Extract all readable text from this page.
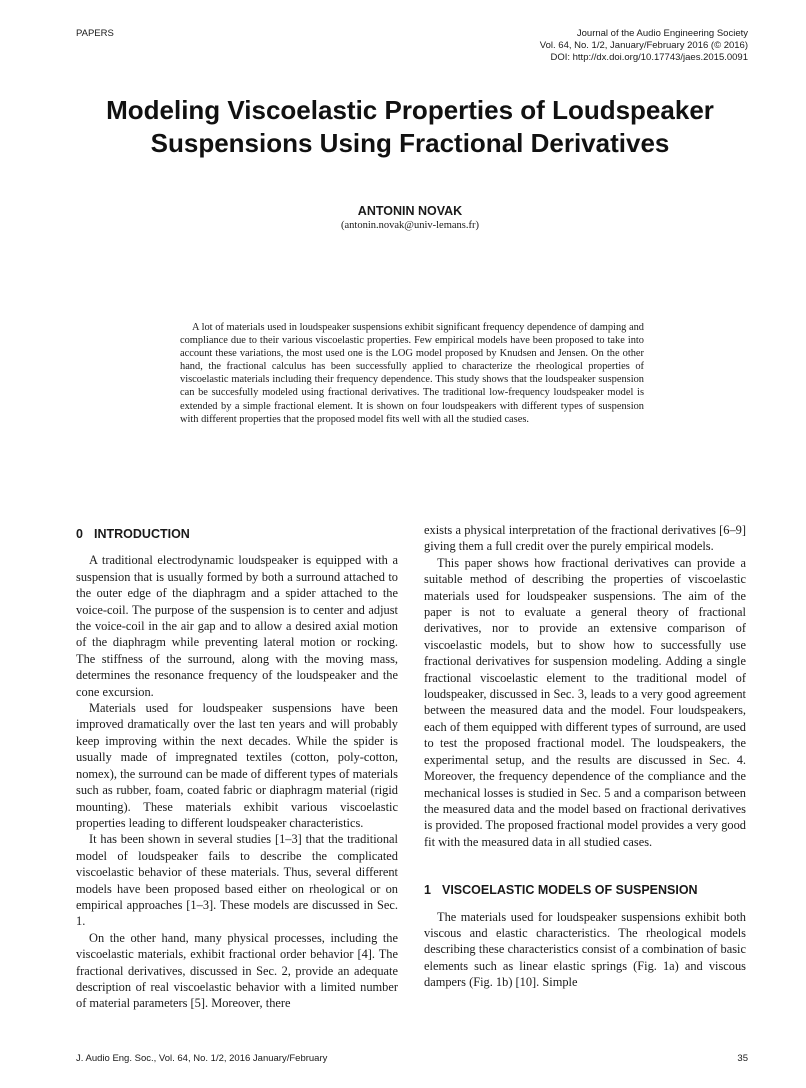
PAPERS	Journal of the Audio Engineering Society
Vol. 64, No. 1/2, January/February 2016 (© 2016)
DOI: http://dx.doi.org/10.17743/jaes.2015.0091
Modeling Viscoelastic Properties of Loudspeaker
Suspensions Using Fractional Derivatives
ANTONIN NOVAK
(antonin.novak@univ-lemans.fr)
A lot of materials used in loudspeaker suspensions exhibit significant frequency dependence of damping and compliance due to their various viscoelastic properties. Few empirical models have been proposed to take into account these variations, the most used one is the LOG model proposed by Knudsen and Jensen. On the other hand, the fractional calculus has been successfully applied to characterize the rheological properties of viscoelastic materials including their frequency dependence. This study shows that the loudspeaker suspension can be succesfully modeled using fractional derivatives. The traditional low-frequency loudspeaker model is extended by a simple fractional element. It is shown on four loudspeakers with different types of suspension with different properties that the proposed model fits well with all the studied cases.
0 INTRODUCTION

A traditional electrodynamic loudspeaker is equipped with a suspension that is usually formed by both a surround attached to the outer edge of the diaphragm and a spider attached to the voice-coil. The purpose of the suspension is to center and adjust the voice-coil in the air gap and to allow a desired axial motion of the diaphragm while preventing lateral motion or rocking. The stiffness of the surround, along with the moving mass, determines the resonance frequency of the loudspeaker and the cone excursion.

Materials used for loudspeaker suspensions have been improved dramatically over the last ten years and will probably keep improving within the next decades. While the spider is usually made of impregnated textiles (cotton, poly-cotton, nomex), the surround can be made of different types of materials such as rubber, foam, coated fabric or diaphragm material (rigid mounting). These materials exhibit various viscoelastic properties leading to different loudspeaker characteristics.

It has been shown in several studies [1–3] that the traditional model of loudspeaker fails to describe the complicated viscoelastic behavior of these materials. Thus, several different models have been proposed based either on rheological or on empirical approaches [1–3]. These models are discussed in Sec. 1.

On the other hand, many physical processes, including the viscoelastic materials, exhibit fractional order behavior [4]. The fractional derivatives, discussed in Sec. 2, provide an adequate description of real viscoelastic behavior with a limited number of material parameters [5]. Moreover, there

exists a physical interpretation of the fractional derivatives [6–9] giving them a full credit over the purely empirical models.

This paper shows how fractional derivatives can provide a suitable method of describing the properties of viscoelastic materials used for loudspeaker suspensions. The aim of the paper is not to evaluate a general theory of fractional derivatives, nor to provide an extensive comparison of viscoelastic models, but to show how to successfully use fractional derivatives for suspension modeling. Adding a single fractional viscoelastic element to the traditional model of loudspeaker, discussed in Sec. 3, leads to a very good agreement between the measured data and the model. Four loudspeakers, each of them equipped with different types of surround, are used to test the proposed fractional model. The loudspeakers, the experimental setup, and the results are discussed in Sec. 4. Moreover, the frequency dependence of the compliance and the mechanical losses is studied in Sec. 5 and a comparison between the measured data and the model based on fractional derivatives is provided. The proposed fractional model provides a very good fit with the measured data in all studied cases.

1 VISCOELASTIC MODELS OF SUSPENSION

The materials used for loudspeaker suspensions exhibit both viscous and elastic characteristics. The rheological models describing these characteristics consist of a combination of basic elements such as linear elastic springs (Fig. 1a) and viscous dampers (Fig. 1b) [10]. Simple

J. Audio Eng. Soc., Vol. 64, No. 1/2, 2016 January/February	35
